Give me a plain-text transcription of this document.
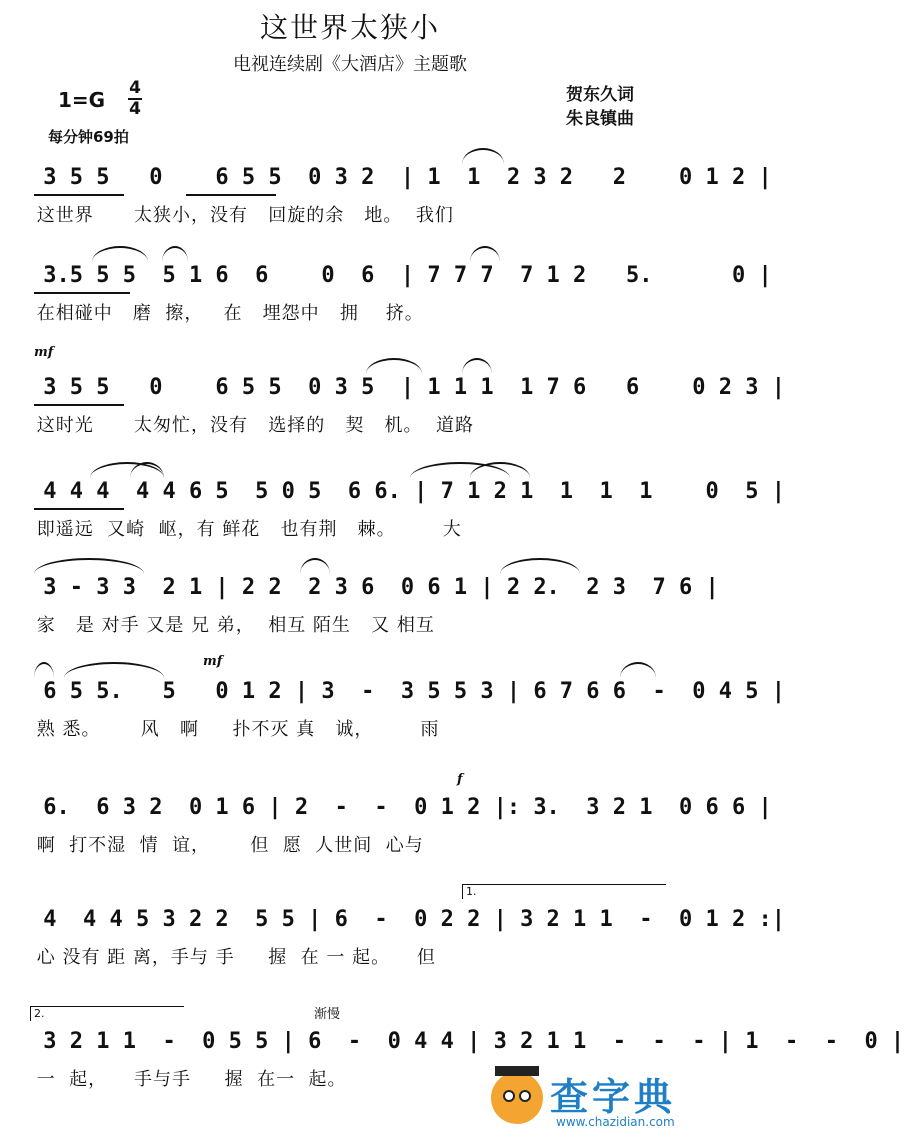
这世界太狭小
电视连续剧《大酒店》主题歌
1=G 4
4
每分钟69拍
贺东久词
朱良镇曲
mf
mf
f
渐慢
3 5 5   0    6 5 5  0 3 2  | 1  1  2 3 2   2    0 1 2 |
这世界      太狭小，没有   回旋的余   地。  我们
3.5 5 5  5 1 6  6    0  6  | 7 7 7  7 1 2   5.      0 |
在相碰中   磨  擦，   在   埋怨中   拥    挤。
3 5 5   0    6 5 5  0 3 5  | 1 1 1  1 7 6   6    0 2 3 |
这时光      太匆忙，没有   选择的   契   机。  道路
4 4 4  4 4 6 5  5 0 5  6 6. | 7 1 2 1  1  1  1    0  5 |
即遥远  又崎  岖，有 鲜花   也有荆   棘。       大
3 - 3 3  2 1 | 2 2  2 3 6  0 6 1 | 2 2.  2 3  7 6 |
家   是 对手 又是 兄 弟，  相互 陌生   又 相互
6 5 5.   5   0 1 2 | 3  -  3 5 5 3 | 6 7 6 6  -  0 4 5 |
熟 悉。      风   啊     扑不灭 真   诚，       雨
6.  6 3 2  0 1 6 | 2  -  -  0 1 2 |: 3.  3 2 1  0 6 6 |
啊  打不湿  情  谊，      但  愿  人世间  心与
4  4 4 5 3 2 2  5 5 | 6  -  0 2 2 | 3 2 1 1  -  0 1 2 :|
心 没有 距 离，手与 手     握  在 一 起。    但
1.
3 2 1 1  -  0 5 5 | 6  -  0 4 4 | 3 2 1 1  -  -  - | 1  -  -  0 |
一  起，    手与手     握  在一  起。
2.
查字典
www.chazidian.com
